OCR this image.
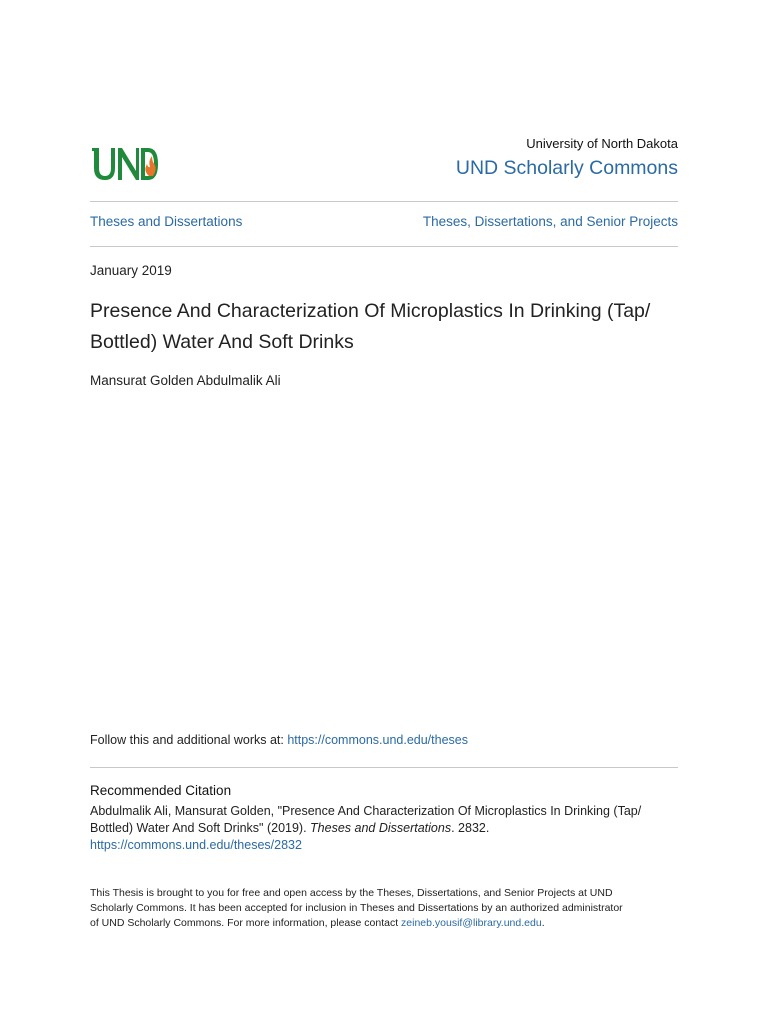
University of North Dakota
UND Scholarly Commons
Theses and Dissertations	Theses, Dissertations, and Senior Projects
January 2019
Presence And Characterization Of Microplastics In Drinking (Tap/
Bottled) Water And Soft Drinks
Mansurat Golden Abdulmalik Ali
Follow this and additional works at: https://commons.und.edu/theses
Recommended Citation
Abdulmalik Ali, Mansurat Golden, "Presence And Characterization Of Microplastics In Drinking (Tap/
Bottled) Water And Soft Drinks" (2019). Theses and Dissertations. 2832.
https://commons.und.edu/theses/2832
This Thesis is brought to you for free and open access by the Theses, Dissertations, and Senior Projects at UND
Scholarly Commons. It has been accepted for inclusion in Theses and Dissertations by an authorized administrator
of UND Scholarly Commons. For more information, please contact zeineb.yousif@library.und.edu.
